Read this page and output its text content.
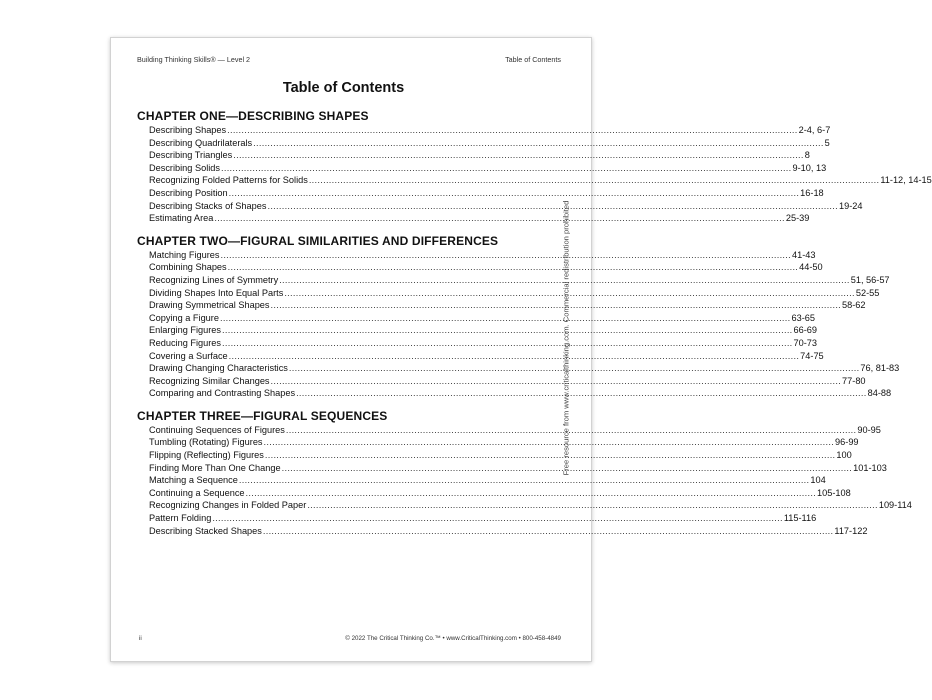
Building Thinking Skills® — Level 2	Table of Contents
Table of Contents
CHAPTER ONE—DESCRIBING SHAPES
Describing Shapes ........................................................................................................................................................................................................ 2-4, 6-7
Describing Quadrilaterals ........................................................................................................................................................................................................ 5
Describing Triangles ........................................................................................................................................................................................................ 8
Describing Solids ........................................................................................................................................................................................................ 9-10, 13
Recognizing Folded Patterns for Solids ........................................................................................................................................................................................................ 11-12, 14-15
Describing Position ........................................................................................................................................................................................................ 16-18
Describing Stacks of Shapes ........................................................................................................................................................................................................ 19-24
Estimating Area ........................................................................................................................................................................................................ 25-39
CHAPTER TWO—FIGURAL SIMILARITIES AND DIFFERENCES
Matching Figures ........................................................................................................................................................................................................ 41-43
Combining Shapes ........................................................................................................................................................................................................ 44-50
Recognizing Lines of Symmetry ........................................................................................................................................................................................................ 51, 56-57
Dividing Shapes Into Equal Parts ........................................................................................................................................................................................................ 52-55
Drawing Symmetrical Shapes ........................................................................................................................................................................................................ 58-62
Copying a Figure ........................................................................................................................................................................................................ 63-65
Enlarging Figures ........................................................................................................................................................................................................ 66-69
Reducing Figures ........................................................................................................................................................................................................ 70-73
Covering a Surface ........................................................................................................................................................................................................ 74-75
Drawing Changing Characteristics ........................................................................................................................................................................................................ 76, 81-83
Recognizing Similar Changes ........................................................................................................................................................................................................ 77-80
Comparing and Contrasting Shapes ........................................................................................................................................................................................................ 84-88
CHAPTER THREE—FIGURAL SEQUENCES
Continuing Sequences of Figures ........................................................................................................................................................................................................ 90-95
Tumbling (Rotating) Figures ........................................................................................................................................................................................................ 96-99
Flipping (Reflecting) Figures ........................................................................................................................................................................................................ 100
Finding More Than One Change ........................................................................................................................................................................................................ 101-103
Matching a Sequence ........................................................................................................................................................................................................ 104
Continuing a Sequence ........................................................................................................................................................................................................ 105-108
Recognizing Changes in Folded Paper ........................................................................................................................................................................................................ 109-114
Pattern Folding ........................................................................................................................................................................................................ 115-116
Describing Stacked Shapes ........................................................................................................................................................................................................ 117-122
Free resource from www.criticalthinking.com. Commercial redistribution prohibited
ii	© 2022 The Critical Thinking Co.™ • www.CriticalThinking.com • 800-458-4849
